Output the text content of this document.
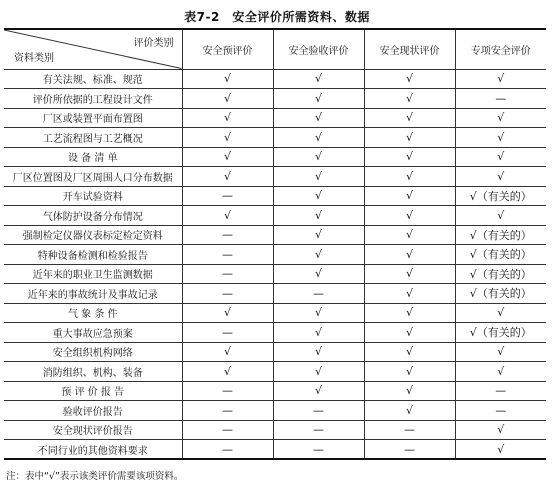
表7-2　安全评价所需资料、数据
评价类别
资料类别	安全预评价	安全验收评价	安全现状评价	专项安全评价
有关法规、标准、规范	√	√	√	√
评价所依据的工程设计文件	√	√	√	—
厂区或装置平面布置图	√	√	√	√
工艺流程图与工艺概况	√	√	√	√
设 备 清 单	√	√	√	√
厂区位置图及厂区周围人口分布数据	√	√	√	√
开车试验资料	—	√	√	√（有关的）
气体防护设备分布情况	√	√	√	√
强制检定仪器仪表标定检定资料	—	√	√	√（有关的）
特种设备检测和检验报告	—	√	√	√（有关的）
近年来的职业卫生监测数据	—	√	√	√（有关的）
近年来的事故统计及事故记录	—	—	√	√（有关的）
气 象 条 件	√	√	√	√
重大事故应急预案	—	√	√	√（有关的）
安全组织机构网络	√	√	√	√
消防组织、机构、装备	√	√	√	√
预 评 价 报 告	—	√	√	—
验收评价报告	—	—	√	—
安全现状评价报告	—	—	—	√
不同行业的其他资料要求	—	—	—	√
注：表中“√”表示该类评价需要该项资料。
